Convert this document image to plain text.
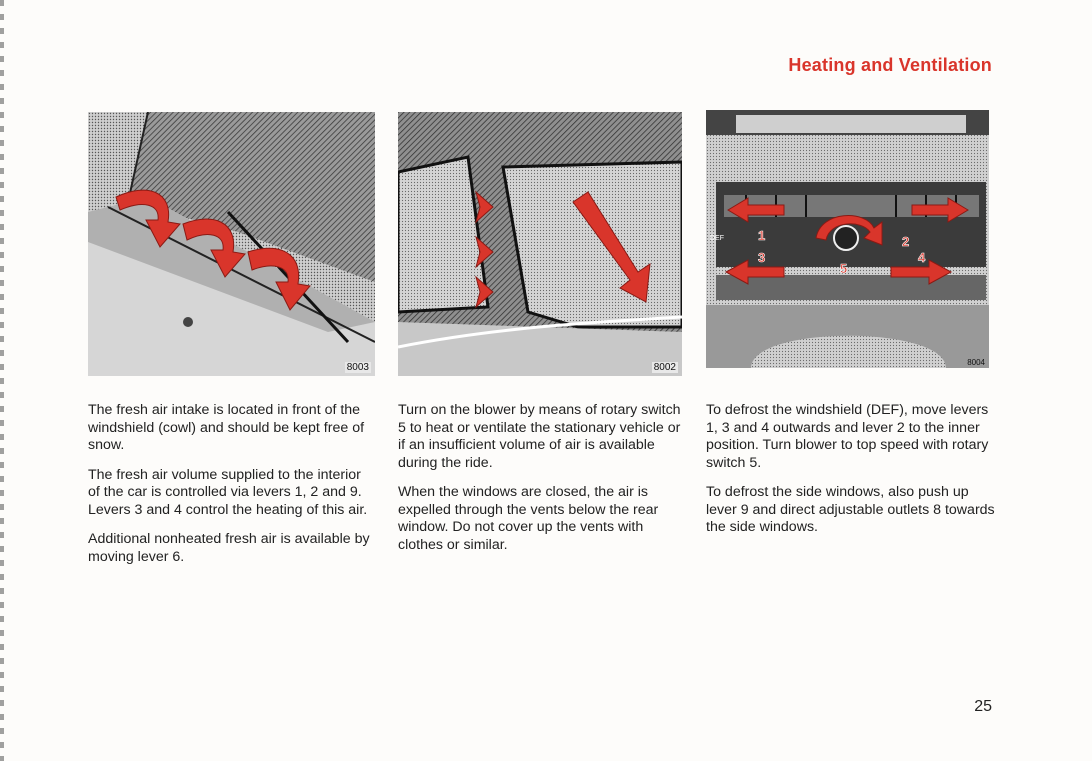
Heating and Ventilation
8003	8002
DEF	1	2
3	4
5
8004

The fresh air intake is located in front of the windshield (cowl) and should be kept free of snow.

The fresh air volume supplied to the interior of the car is controlled via levers 1, 2 and 9. Levers 3 and 4 control the heating of this air.

Additional nonheated fresh air is available by moving lever 6.

Turn on the blower by means of rotary switch 5 to heat or ventilate the stationary vehicle or if an insufficient volume of air is available during the ride.

When the windows are closed, the air is expelled through the vents below the rear window. Do not cover up the vents with clothes or similar.

To defrost the windshield (DEF), move levers 1, 3 and 4 outwards and lever 2 to the inner position. Turn blower to top speed with rotary switch 5.

To defrost the side windows, also push up lever 9 and direct adjustable outlets 8 towards the side windows.

25
